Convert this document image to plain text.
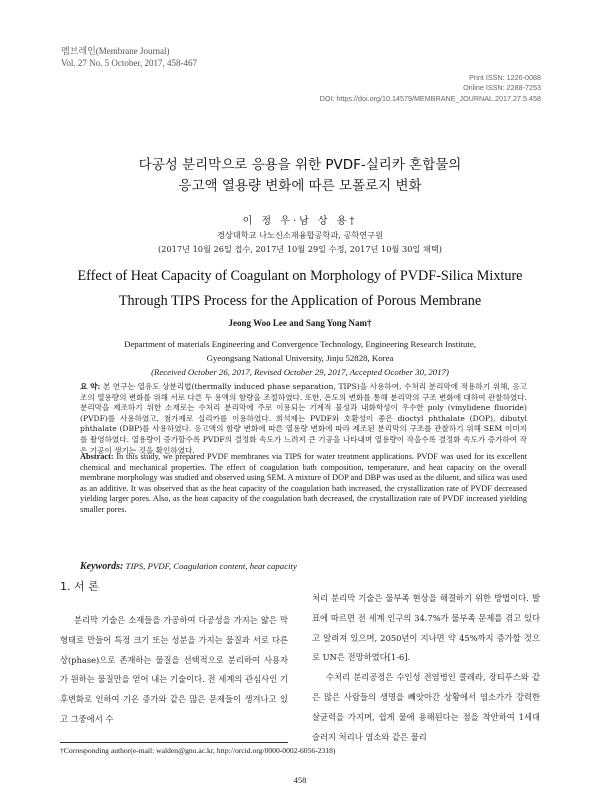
멤브레인(Membrane Journal)
Vol. 27 No. 5 October, 2017, 458-467
Print ISSN: 1226-0088
Online ISSN: 2288-7253
DOI: https://doi.org/10.14579/MEMBRANE_JOURNAL.2017.27.5.458
다공성 분리막으로 응용을 위한 PVDF-실리카 혼합물의
응고액 열용량 변화에 따른 모폴로지 변화
이 정 우·남 상 용†
경상대학교 나노신소재융합공학과, 공학연구원
(2017년 10월 26일 접수, 2017년 10월 29일 수정, 2017년 10월 30일 채택)
Effect of Heat Capacity of Coagulant on Morphology of PVDF-Silica Mixture Through TIPS Process for the Application of Porous Membrane
Jeong Woo Lee and Sang Yong Nam†
Department of materials Engineering and Convergence Technology, Engineering Research Institute,
Gyeongsang National University, Jinju 52828, Korea
(Received October 26, 2017, Revised October 29, 2017, Accepted Ocotber 30, 2017)
요 약: 본 연구는 열유도 상분리법(thermally induced phase separation, TIPS)을 사용하여, 수처리 분리막에 적용하기 위해, 응고조의 열용량의 변화를 위해 서로 다른 두 용액의 함량을 조절하였다. 또한, 온도의 변화를 통해 분리막의 구조 변화에 대하여 관찰하였다. 분리막을 제조하기 위한 소재로는 수처리 분리막에 주로 이용되는 기계적 물성과 내화학성이 우수한 poly (vinylidene fluoride)(PVDF)를 사용하였고, 첨가제로 실리카를 이용하였다. 희석제는 PVDF와 호환성이 좋은 dioctyl phthalate (DOP), dibutyl phthalate (DBP)를 사용하였다. 응고액의 함량 변화에 따른 열용량 변화에 따라 제조된 분리막의 구조를 관찰하기 위해 SEM 이미지를 촬영하였다. 열용량이 증가할수록 PVDF의 결정화 속도가 느려져 큰 기공을 나타내며 열용량이 작을수록 결정화 속도가 증가하여 작은 기공이 생기는 것을 확인하였다.
Abstract: In this study, we prepared PVDF membranes via TIPS for water treatment applications. PVDF was used for its excellent chemical and mechanical properties. The effect of coagulation bath composition, temperature, and heat capacity on the overall membrane morphology was studied and observed using SEM. A mixture of DOP and DBP was used as the diluent, and silica was used as an additive. It was observed that as the heat capacity of the coagulation bath increased, the crystallization rate of PVDF decreased yielding larger pores. Also, as the heat capacity of the coagulation bath decreased, the crystallization rate of PVDF increased yielding smaller pores.
Keywords: TIPS, PVDF, Coagulation content, heat capacity
1. 서 론

분리막 기술은 소재들을 가공하여 다공성을 가지는 얇은 막 형태로 만들어 특정 크기 또는 성분을 가지는 물질과 서로 다른 상(phase)으로 존재하는 물질을 선택적으로 분리하여 사용자가 원하는 물질만을 얻어 내는 기술이다. 전 세계의 관심사인 기후변화로 인하여 기온 증가와 같은 많은 문제들이 생겨나고 있고 그중에서 수

처리 분리막 기술은 물부족 현상을 해결하기 위한 방법이다. 발표에 따르면 전 세계 인구의 34.7%가 물부족 문제를 겪고 있다고 알려져 있으며, 2050년이 지나면 약 45%까지 증가할 것으로 UN은 전망하였다[1-6].

수처리 분리공정은 수인성 전염병인 콜레라, 장티푸스와 같은 많은 사람들의 생명을 빼앗아간 상황에서 염소가가 강력한 살균력을 가지며, 쉽게 물에 용해된다는 점을 착안하여 1세대 슬러지 처리나 염소와 같은 물리

†Corresponding author(e-mail: walden@gnu.ac.kr, http://orcid.org/0000-0002-6056-2318)
458
